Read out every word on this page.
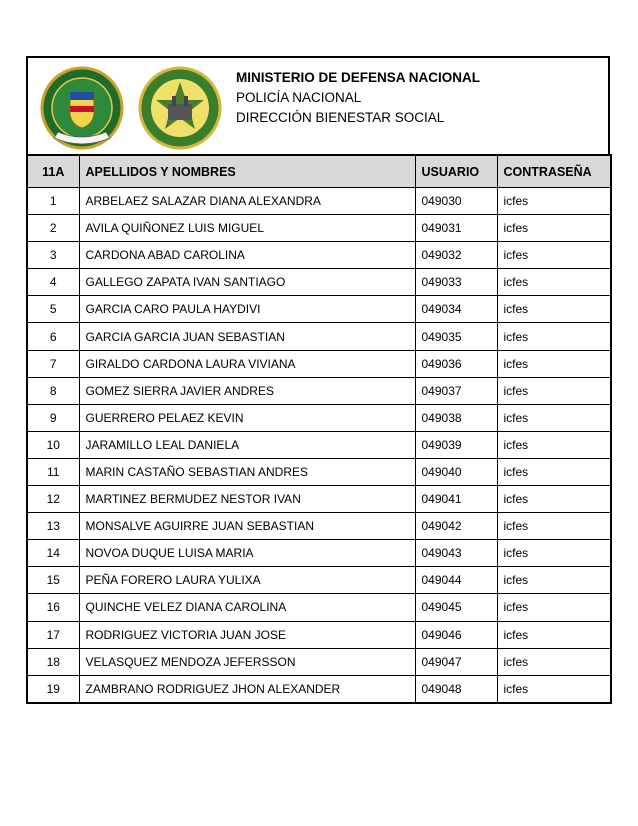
MINISTERIO DE DEFENSA NACIONAL
POLICÍA NACIONAL
DIRECCIÓN BIENESTAR SOCIAL
11A	APELLIDOS Y NOMBRES	USUARIO	CONTRASEÑA
1	ARBELAEZ SALAZAR DIANA ALEXANDRA	049030	icfes
2	AVILA QUIÑONEZ LUIS MIGUEL	049031	icfes
3	CARDONA ABAD CAROLINA	049032	icfes
4	GALLEGO ZAPATA IVAN SANTIAGO	049033	icfes
5	GARCIA CARO PAULA HAYDIVI	049034	icfes
6	GARCIA GARCIA JUAN SEBASTIAN	049035	icfes
7	GIRALDO CARDONA LAURA VIVIANA	049036	icfes
8	GOMEZ SIERRA JAVIER ANDRES	049037	icfes
9	GUERRERO PELAEZ KEVIN	049038	icfes
10	JARAMILLO LEAL DANIELA	049039	icfes
11	MARIN CASTAÑO SEBASTIAN ANDRES	049040	icfes
12	MARTINEZ BERMUDEZ NESTOR IVAN	049041	icfes
13	MONSALVE AGUIRRE JUAN SEBASTIAN	049042	icfes
14	NOVOA DUQUE LUISA MARIA	049043	icfes
15	PEÑA FORERO LAURA YULIXA	049044	icfes
16	QUINCHE VELEZ DIANA CAROLINA	049045	icfes
17	RODRIGUEZ VICTORIA JUAN JOSE	049046	icfes
18	VELASQUEZ MENDOZA JEFERSSON	049047	icfes
19	ZAMBRANO RODRIGUEZ JHON ALEXANDER	049048	icfes
